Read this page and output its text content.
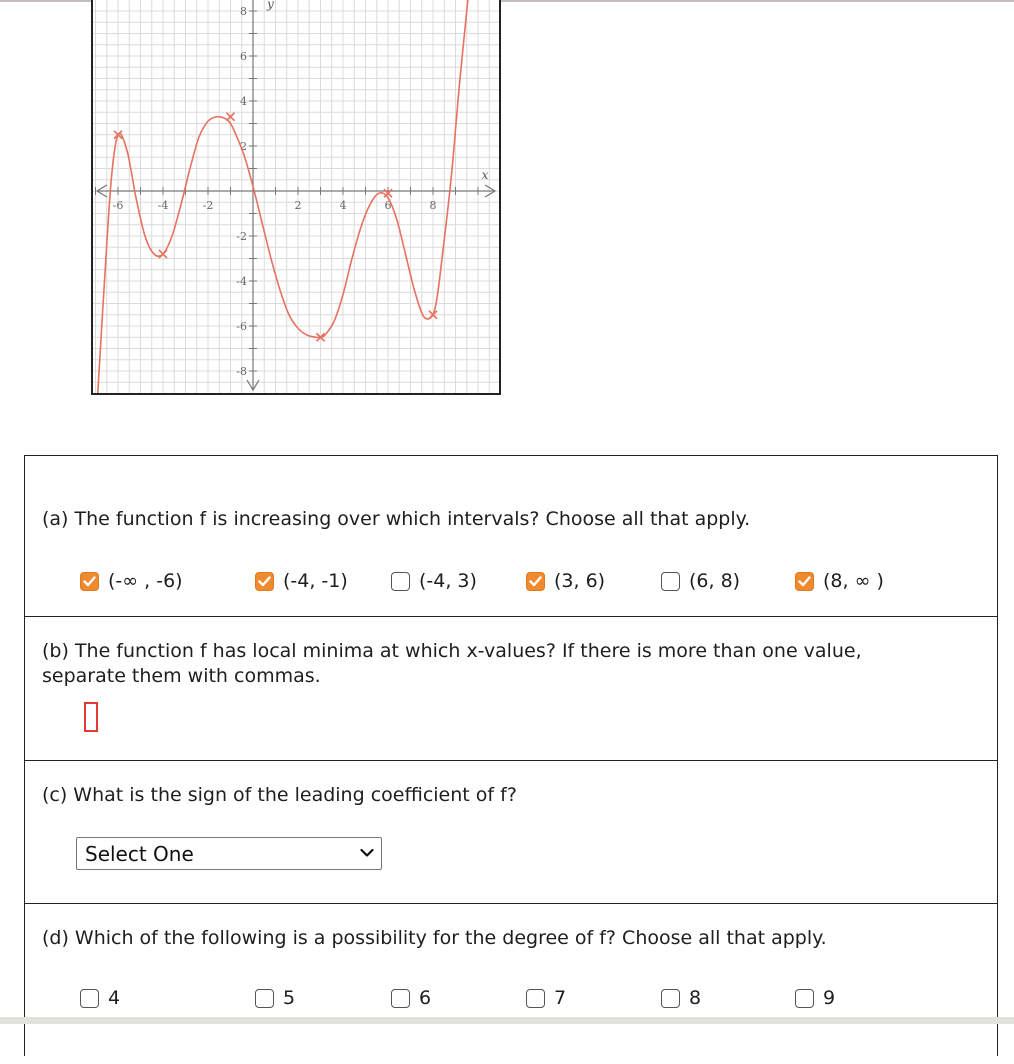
-6	-4	-2	2	4	6	8
8
6
4
2
-2
-4
-6
-8
x
y
(a) The function f is increasing over which intervals? Choose all that apply.
(-∞ , -6)	(-4, -1)	(-4, 3)	(3, 6)	(6, 8)	(8, ∞ )
(b) The function f has local minima at which x-values? If there is more than one value,
separate them with commas.
(c) What is the sign of the leading coefficient of f?
Select One
(d) Which of the following is a possibility for the degree of f? Choose all that apply.
4	5	6	7	8	9
